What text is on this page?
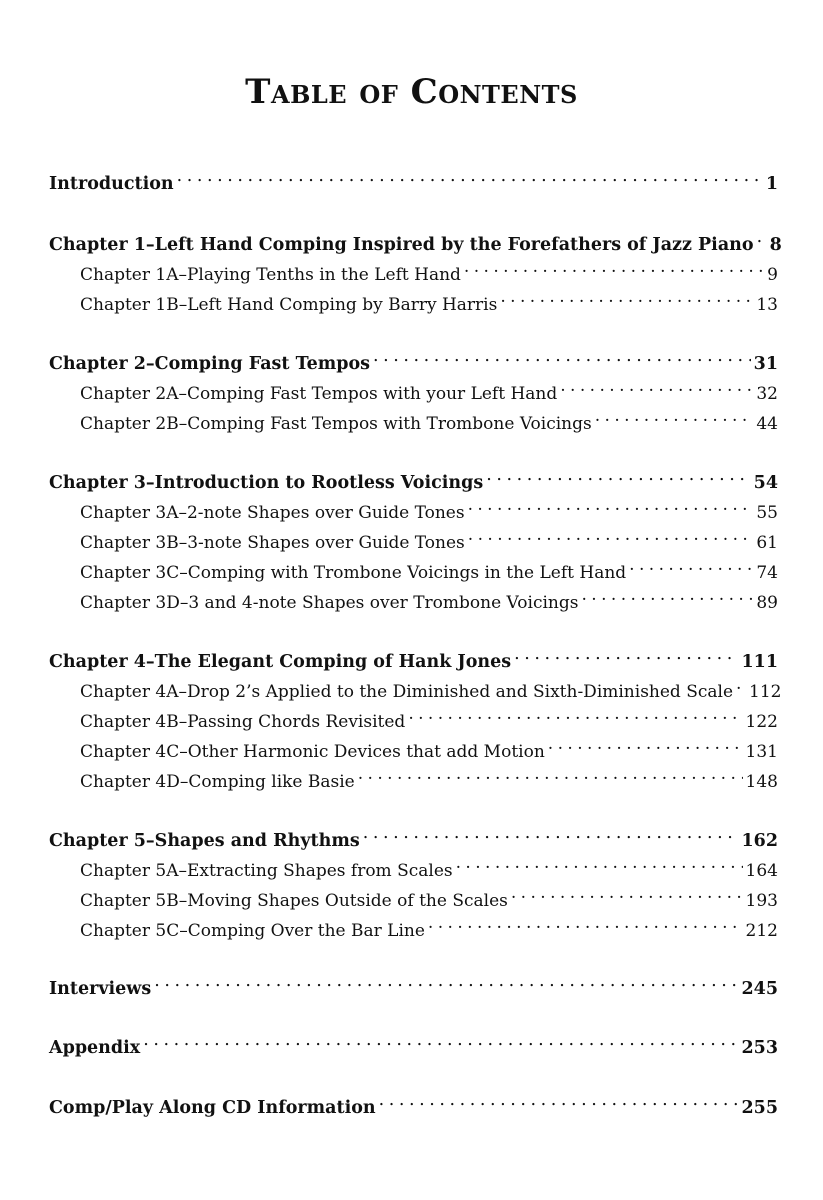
Table of Contents
Introduction . . .	1
Chapter 1–Left Hand Comping Inspired by the Forefathers of Jazz Piano . . . 8
Chapter 1A–Playing Tenths in the Left Hand . . .	9
Chapter 1B–Left Hand Comping by Barry Harris . . .	13
Chapter 2–Comping Fast Tempos . . .	31
Chapter 2A–Comping Fast Tempos with your Left Hand . . .	32
Chapter 2B–Comping Fast Tempos with Trombone Voicings . . .	44
Chapter 3–Introduction to Rootless Voicings . . .	54
Chapter 3A–2-note Shapes over Guide Tones . . .	55
Chapter 3B–3-note Shapes over Guide Tones . . .	61
Chapter 3C–Comping with Trombone Voicings in the Left Hand . . .	74
Chapter 3D–3 and 4-note Shapes over Trombone Voicings . . .	89
Chapter 4–The Elegant Comping of Hank Jones . . .	111
Chapter 4A–Drop 2’s Applied to the Diminished and Sixth-Diminished Scale . . . 112
Chapter 4B–Passing Chords Revisited . . .	122
Chapter 4C–Other Harmonic Devices that add Motion . . .	131
Chapter 4D–Comping like Basie . . .	148
Chapter 5–Shapes and Rhythms . . .	162
Chapter 5A–Extracting Shapes from Scales . . .	164
Chapter 5B–Moving Shapes Outside of the Scales . . .	193
Chapter 5C–Comping Over the Bar Line . . .	212
Interviews . . .	245
Appendix . . .	253
Comp/Play Along CD Information . . .	255
